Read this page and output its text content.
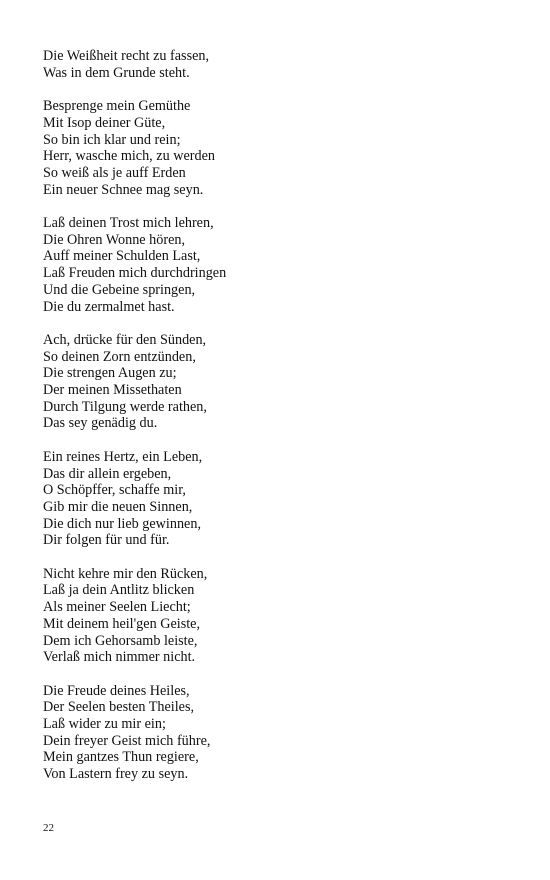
Die Weißheit recht zu fassen,
Was in dem Grunde steht.
Besprenge mein Gemüthe
Mit Isop deiner Güte,
So bin ich klar und rein;
Herr, wasche mich, zu werden
So weiß als je auff Erden
Ein neuer Schnee mag seyn.
Laß deinen Trost mich lehren,
Die Ohren Wonne hören,
Auff meiner Schulden Last,
Laß Freuden mich durchdringen
Und die Gebeine springen,
Die du zermalmet hast.
Ach, drücke für den Sünden,
So deinen Zorn entzünden,
Die strengen Augen zu;
Der meinen Missethaten
Durch Tilgung werde rathen,
Das sey genädig du.
Ein reines Hertz, ein Leben,
Das dir allein ergeben,
O Schöpffer, schaffe mir,
Gib mir die neuen Sinnen,
Die dich nur lieb gewinnen,
Dir folgen für und für.
Nicht kehre mir den Rücken,
Laß ja dein Antlitz blicken
Als meiner Seelen Liecht;
Mit deinem heil'gen Geiste,
Dem ich Gehorsamb leiste,
Verlaß mich nimmer nicht.
Die Freude deines Heiles,
Der Seelen besten Theiles,
Laß wider zu mir ein;
Dein freyer Geist mich führe,
Mein gantzes Thun regiere,
Von Lastern frey zu seyn.
22
